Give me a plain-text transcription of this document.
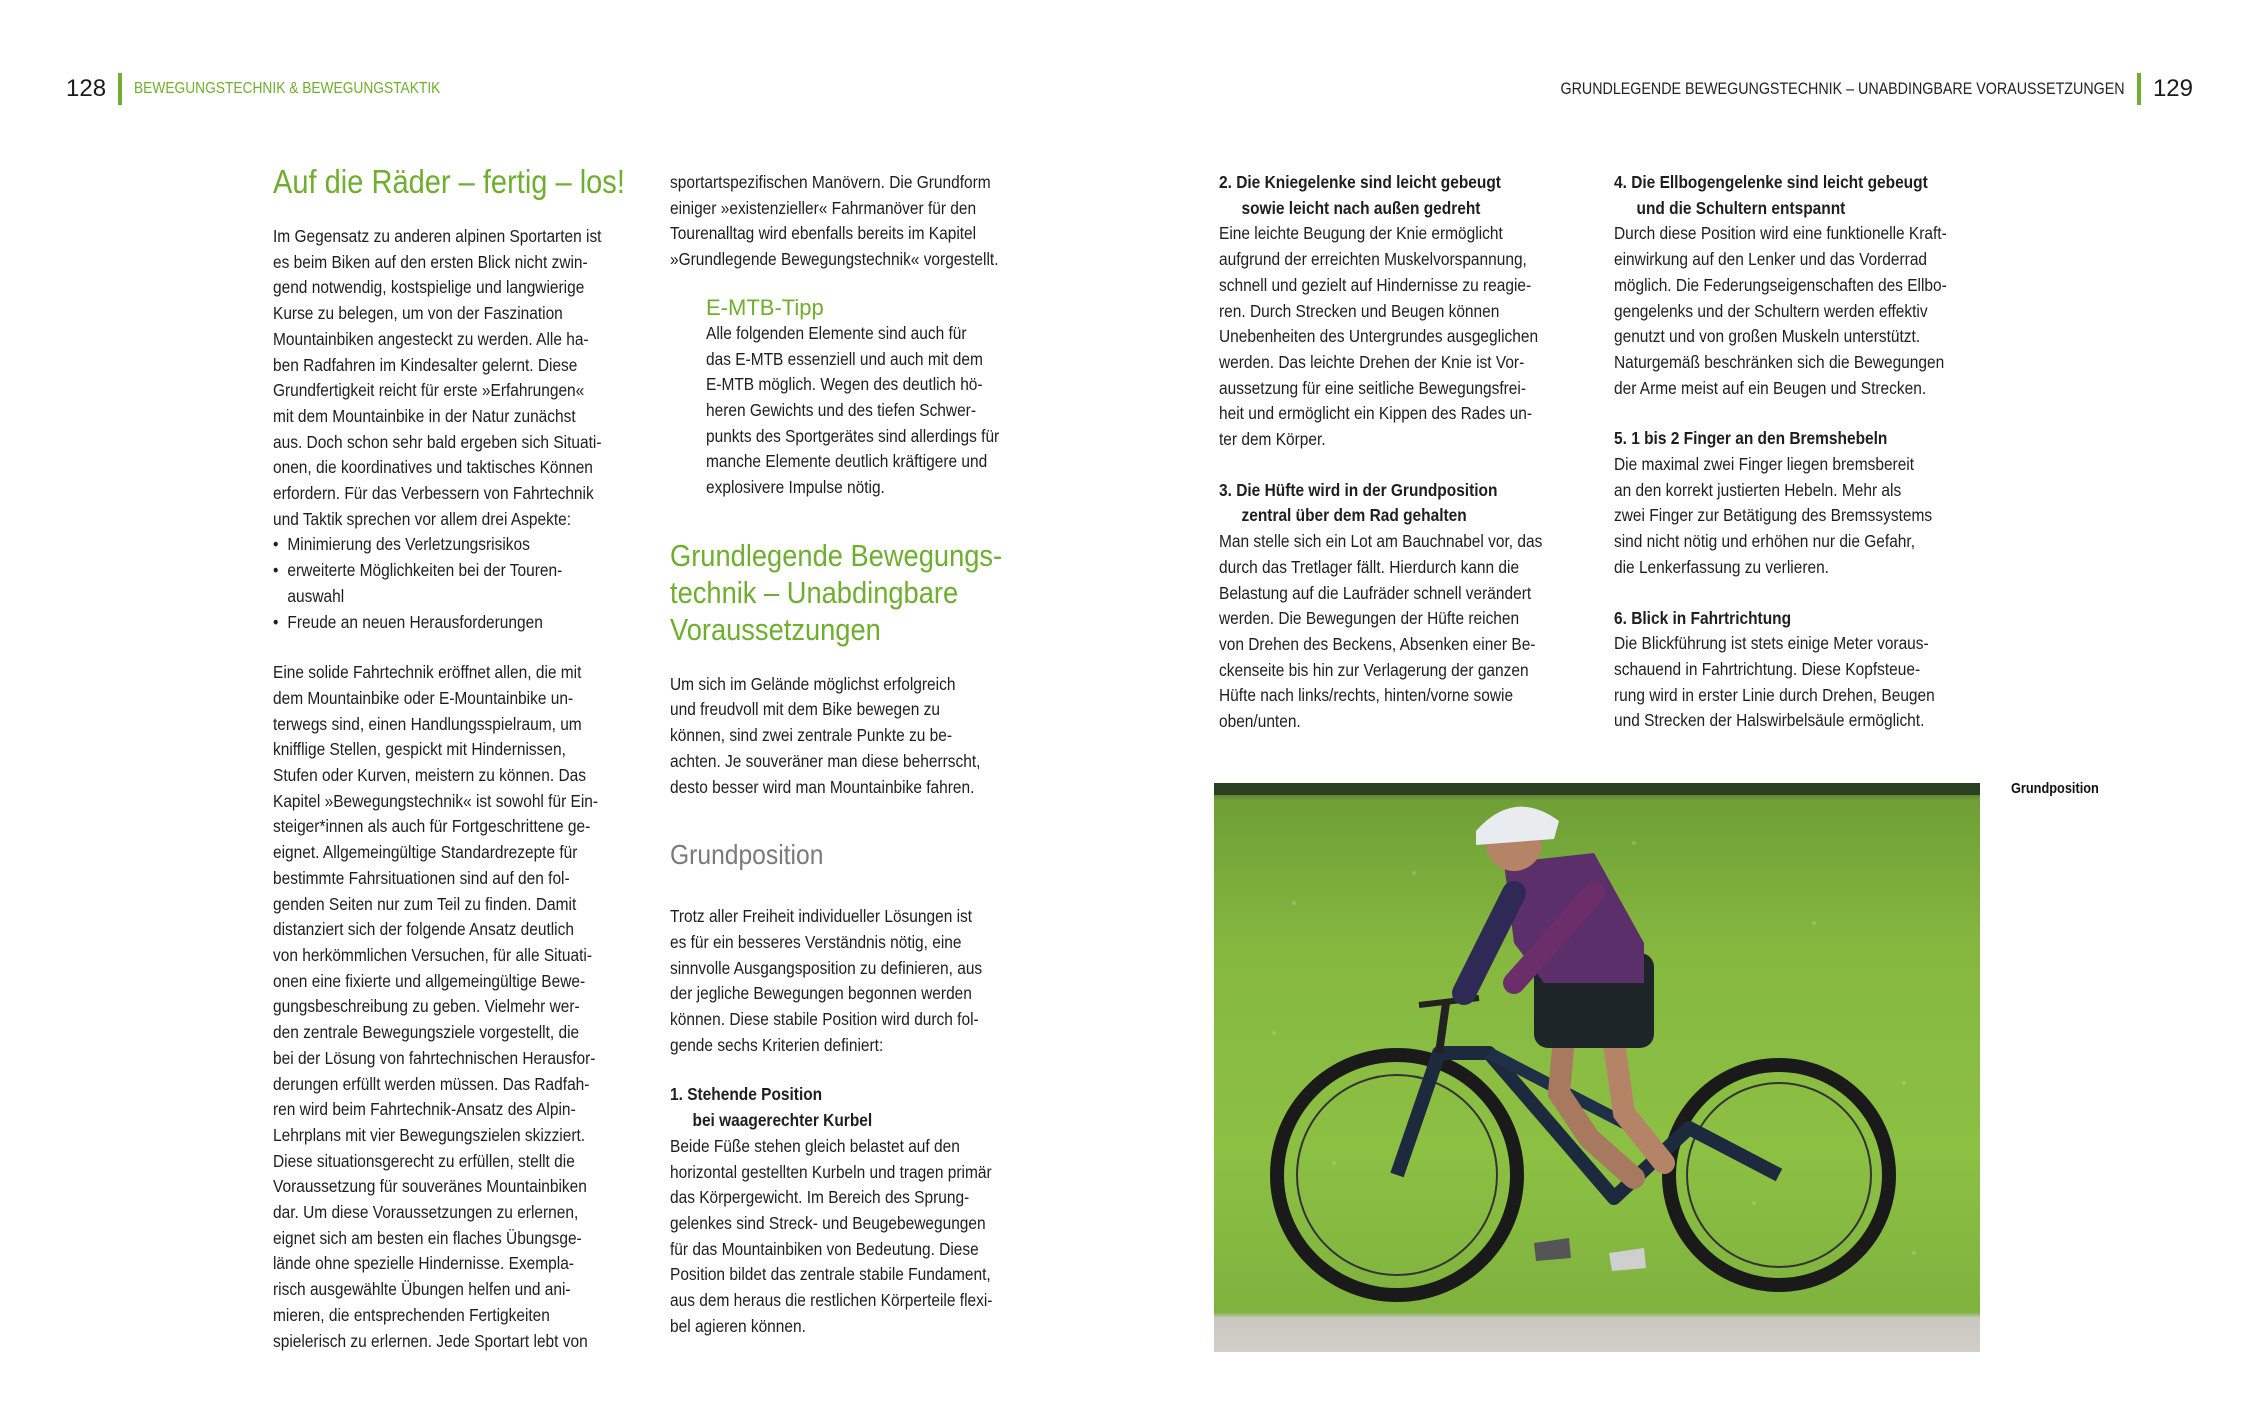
128 BEWEGUNGSTECHNIK & BEWEGUNGSTAKTIK	GRUNDLEGENDE BEWEGUNGSTECHNIK – UNABDINGBARE VORAUSSETZUNGEN 129
Auf die Räder – fertig – los!

Im Gegensatz zu anderen alpinen Sportarten ist

es beim Biken auf den ersten Blick nicht zwin-

gend notwendig, kostspielige und langwierige

Kurse zu belegen, um von der Faszination

Mountainbiken angesteckt zu werden. Alle ha-

ben Radfahren im Kindesalter gelernt. Diese

Grundfertigkeit reicht für erste »Erfahrungen«

mit dem Mountainbike in der Natur zunächst

aus. Doch schon sehr bald ergeben sich Situati-

onen, die koordinatives und taktisches Können

erfordern. Für das Verbessern von Fahrtechnik

und Taktik sprechen vor allem drei Aspekte:

• Minimierung des Verletzungsrisikos
• erweiterte Möglichkeiten bei der Touren-
auswahl
• Freude an neuen Herausforderungen

Eine solide Fahrtechnik eröffnet allen, die mit

dem Mountainbike oder E-Mountainbike un-

terwegs sind, einen Handlungsspielraum, um

knifflige Stellen, gespickt mit Hindernissen,

Stufen oder Kurven, meistern zu können. Das

Kapitel »Bewegungstechnik« ist sowohl für Ein-

steiger*innen als auch für Fortgeschrittene ge-

eignet. Allgemeingültige Standardrezepte für

bestimmte Fahrsituationen sind auf den fol-

genden Seiten nur zum Teil zu finden. Damit

distanziert sich der folgende Ansatz deutlich

von herkömmlichen Versuchen, für alle Situati-

onen eine fixierte und allgemeingültige Bewe-

gungsbeschreibung zu geben. Vielmehr wer-

den zentrale Bewegungsziele vorgestellt, die

bei der Lösung von fahrtechnischen Herausfor-

derungen erfüllt werden müssen. Das Radfah-

ren wird beim Fahrtechnik-Ansatz des Alpin-

Lehrplans mit vier Bewegungszielen skizziert.

Diese situationsgerecht zu erfüllen, stellt die

Voraussetzung für souveränes Mountainbiken

dar. Um diese Voraussetzungen zu erlernen,

eignet sich am besten ein flaches Übungsge-

lände ohne spezielle Hindernisse. Exempla-

risch ausgewählte Übungen helfen und ani-

mieren, die entsprechenden Fertigkeiten

spielerisch zu erlernen. Jede Sportart lebt von

sportartspezifischen Manövern. Die Grundform

einiger »existenzieller« Fahrmanöver für den

Tourenalltag wird ebenfalls bereits im Kapitel

»Grundlegende Bewegungstechnik« vorgestellt.

E-MTB-Tipp

Alle folgenden Elemente sind auch für

das E-MTB essenziell und auch mit dem

E-MTB möglich. Wegen des deutlich hö-

heren Gewichts und des tiefen Schwer-

punkts des Sportgerätes sind allerdings für

manche Elemente deutlich kräftigere und

explosivere Impulse nötig.

Grundlegende Bewegungs-

technik – Unabdingbare

Voraussetzungen

Um sich im Gelände möglichst erfolgreich

und freudvoll mit dem Bike bewegen zu

können, sind zwei zentrale Punkte zu be-

achten. Je souveräner man diese beherrscht,

desto besser wird man Mountainbike fahren.

Grundposition

Trotz aller Freiheit individueller Lösungen ist

es für ein besseres Verständnis nötig, eine

sinnvolle Ausgangsposition zu definieren, aus

der jegliche Bewegungen begonnen werden

können. Diese stabile Position wird durch fol-

gende sechs Kriterien definiert:

1. Stehende Position
bei waagerechter Kurbel

Beide Füße stehen gleich belastet auf den

horizontal gestellten Kurbeln und tragen primär

das Körpergewicht. Im Bereich des Sprung-

gelenkes sind Streck- und Beugebewegungen

für das Mountainbiken von Bedeutung. Diese

Position bildet das zentrale stabile Fundament,

aus dem heraus die restlichen Körperteile flexi-

bel agieren können.

2. Die Kniegelenke sind leicht gebeugt
sowie leicht nach außen gedreht

Eine leichte Beugung der Knie ermöglicht

aufgrund der erreichten Muskelvorspannung,

schnell und gezielt auf Hindernisse zu reagie-

ren. Durch Strecken und Beugen können

Unebenheiten des Untergrundes ausgeglichen

werden. Das leichte Drehen der Knie ist Vor-

aussetzung für eine seitliche Bewegungsfrei-

heit und ermöglicht ein Kippen des Rades un-

ter dem Körper.

3. Die Hüfte wird in der Grundposition
zentral über dem Rad gehalten

Man stelle sich ein Lot am Bauchnabel vor, das

durch das Tretlager fällt. Hierdurch kann die

Belastung auf die Laufräder schnell verändert

werden. Die Bewegungen der Hüfte reichen

von Drehen des Beckens, Absenken einer Be-

ckenseite bis hin zur Verlagerung der ganzen

Hüfte nach links/rechts, hinten/vorne sowie

oben/unten.

4. Die Ellbogengelenke sind leicht gebeugt
und die Schultern entspannt

Durch diese Position wird eine funktionelle Kraft-

einwirkung auf den Lenker und das Vorderrad

möglich. Die Federungseigenschaften des Ellbo-

gengelenks und der Schultern werden effektiv

genutzt und von großen Muskeln unterstützt.

Naturgemäß beschränken sich die Bewegungen

der Arme meist auf ein Beugen und Strecken.

5. 1 bis 2 Finger an den Bremshebeln

Die maximal zwei Finger liegen bremsbereit

an den korrekt justierten Hebeln. Mehr als

zwei Finger zur Betätigung des Bremssystems

sind nicht nötig und erhöhen nur die Gefahr,

die Lenkerfassung zu verlieren.

6. Blick in Fahrtrichtung

Die Blickführung ist stets einige Meter voraus-

schauend in Fahrtrichtung. Diese Kopfsteue-

rung wird in erster Linie durch Drehen, Beugen

und Strecken der Halswirbelsäule ermöglicht.

Grundposition
